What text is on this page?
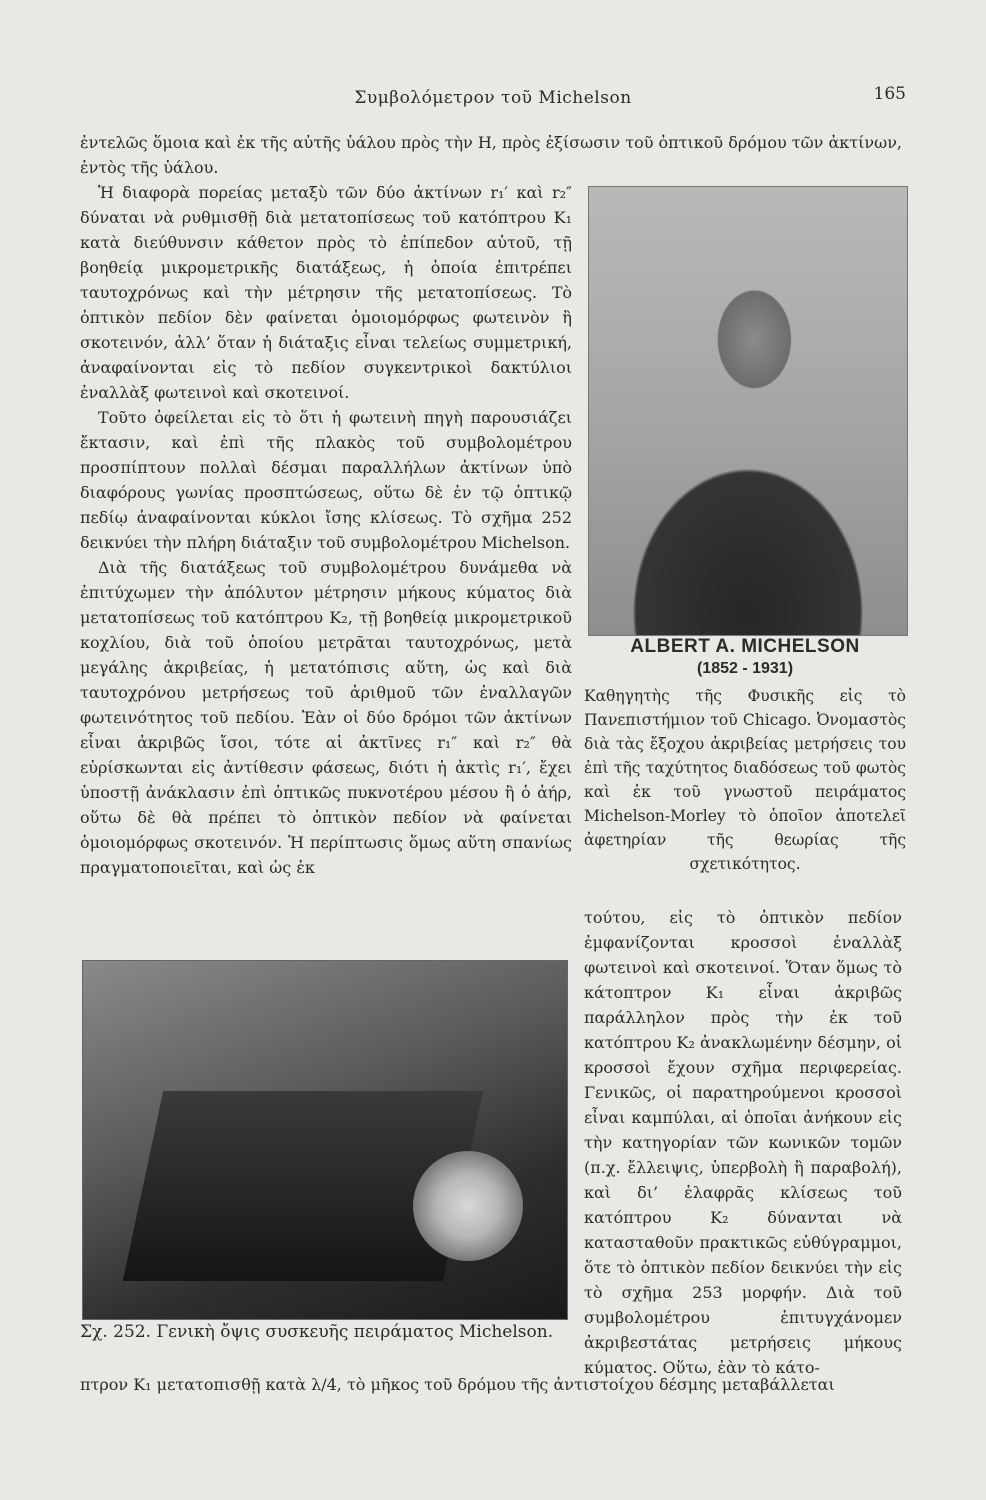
Συμβολόμετρον τοῦ Michelson	165

ἐντελῶς ὅμοια καὶ ἐκ τῆς αὐτῆς ὑάλου πρὸς τὴν Η, πρὸς ἐξίσωσιν τοῦ ὀπτικοῦ δρόμου τῶν ἀκτίνων, ἐντὸς τῆς ὑάλου.

Ἡ διαφορὰ πορείας μεταξὺ τῶν δύο ἀκτίνων r₁′ καὶ r₂″ δύναται νὰ ρυθμισθῇ διὰ μετατοπίσεως τοῦ κατόπτρου K₁ κατὰ διεύθυνσιν κάθετον πρὸς τὸ ἐπίπεδον αὐτοῦ, τῇ βοηθείᾳ μικρομετρικῆς διατάξεως, ἡ ὁποία ἐπιτρέπει ταυτοχρόνως καὶ τὴν μέτρησιν τῆς μετατοπίσεως. Τὸ ὀπτικὸν πεδίον δὲν φαίνεται ὁμοιομόρφως φωτεινὸν ἢ σκοτεινόν, ἀλλ’ ὅταν ἡ διάταξις εἶναι τελείως συμμετρική, ἀναφαίνονται εἰς τὸ πεδίον συγκεντρικοὶ δακτύλιοι ἐναλλὰξ φωτεινοὶ καὶ σκοτεινοί.

Τοῦτο ὀφείλεται εἰς τὸ ὅτι ἡ φωτεινὴ πηγὴ παρουσιάζει ἔκτασιν, καὶ ἐπὶ τῆς πλακὸς τοῦ συμβολομέτρου προσπίπτουν πολλαὶ δέσμαι παραλλήλων ἀκτίνων ὑπὸ διαφόρους γωνίας προσπτώσεως, οὕτω δὲ ἐν τῷ ὀπτικῷ πεδίῳ ἀναφαίνονται κύκλοι ἴσης κλίσεως. Τὸ σχῆμα 252 δεικνύει τὴν πλήρη διάταξιν τοῦ συμβολομέτρου Michelson.

Διὰ τῆς διατάξεως τοῦ συμβολομέτρου δυνάμεθα νὰ ἐπιτύχωμεν τὴν ἀπόλυτον μέτρησιν μήκους κύματος διὰ μετατοπίσεως τοῦ κατόπτρου K₂, τῇ βοηθείᾳ μικρομετρικοῦ κοχλίου, διὰ τοῦ ὁποίου μετρᾶται ταυτοχρόνως, μετὰ μεγάλης ἀκριβείας, ἡ μετατόπισις αὕτη, ὡς καὶ διὰ ταυτοχρόνου μετρήσεως τοῦ ἀριθμοῦ τῶν ἐναλλαγῶν φωτεινότητος τοῦ πεδίου. Ἐὰν οἱ δύο δρόμοι τῶν ἀκτίνων εἶναι ἀκριβῶς ἴσοι, τότε αἱ ἀκτῖνες r₁″ καὶ r₂″ θὰ εὑρίσκωνται εἰς ἀντίθεσιν φάσεως, διότι ἡ ἀκτὶς r₁′, ἔχει ὑποστῇ ἀνάκλασιν ἐπὶ ὀπτικῶς πυκνοτέρου μέσου ἢ ὁ ἀήρ, οὕτω δὲ θὰ πρέπει τὸ ὀπτικὸν πεδίον νὰ φαίνεται ὁμοιομόρφως σκοτεινόν. Ἡ περίπτωσις ὅμως αὕτη σπανίως πραγματοποιεῖται, καὶ ὡς ἐκ

ALBERT A. MICHELSON
(1852 - 1931)
Καθηγητὴς τῆς Φυσικῆς εἰς τὸ Πανεπιστήμιον τοῦ Chicago. Ὀνομαστὸς διὰ τὰς ἔξοχου ἀκριβείας μετρήσεις του ἐπὶ τῆς ταχύτητος διαδόσεως τοῦ φωτὸς καὶ ἐκ τοῦ γνωστοῦ πειράματος Michelson-Morley τὸ ὁποῖον ἀποτελεῖ ἀφετηρίαν τῆς θεωρίας τῆς σχετικότητος.

τούτου, εἰς τὸ ὀπτικὸν πεδίον ἐμφανίζονται κροσσοὶ ἐναλλὰξ φωτεινοὶ καὶ σκοτεινοί. Ὅταν ὅμως τὸ κάτοπτρον K₁ εἶναι ἀκριβῶς παράλληλον πρὸς τὴν ἐκ τοῦ κατόπτρου K₂ ἀνακλωμένην δέσμην, οἱ κροσσοὶ ἔχουν σχῆμα περιφερείας. Γενικῶς, οἱ παρατηρούμενοι κροσσοὶ εἶναι καμπύλαι, αἱ ὁποῖαι ἀνήκουν εἰς τὴν κατηγορίαν τῶν κωνικῶν τομῶν (π.χ. ἔλλειψις, ὑπερβολὴ ἢ παραβολή), καὶ δι’ ἐλαφρᾶς κλίσεως τοῦ κατόπτρου K₂ δύνανται νὰ κατασταθοῦν πρακτικῶς εὐθύγραμμοι, ὅτε τὸ ὀπτικὸν πεδίον δεικνύει τὴν εἰς τὸ σχῆμα 253 μορφήν. Διὰ τοῦ συμβολομέτρου ἐπιτυγχάνομεν ἀκριβεστάτας μετρήσεις μήκους κύματος. Οὕτω, ἐὰν τὸ κάτο-

Σχ. 252. Γενικὴ ὄψις συσκευῆς πειράματος Michelson.

πτρον K₁ μετατοπισθῇ κατὰ λ/4, τὸ μῆκος τοῦ δρόμου τῆς ἀντιστοίχου δέσμης μεταβάλλεται
